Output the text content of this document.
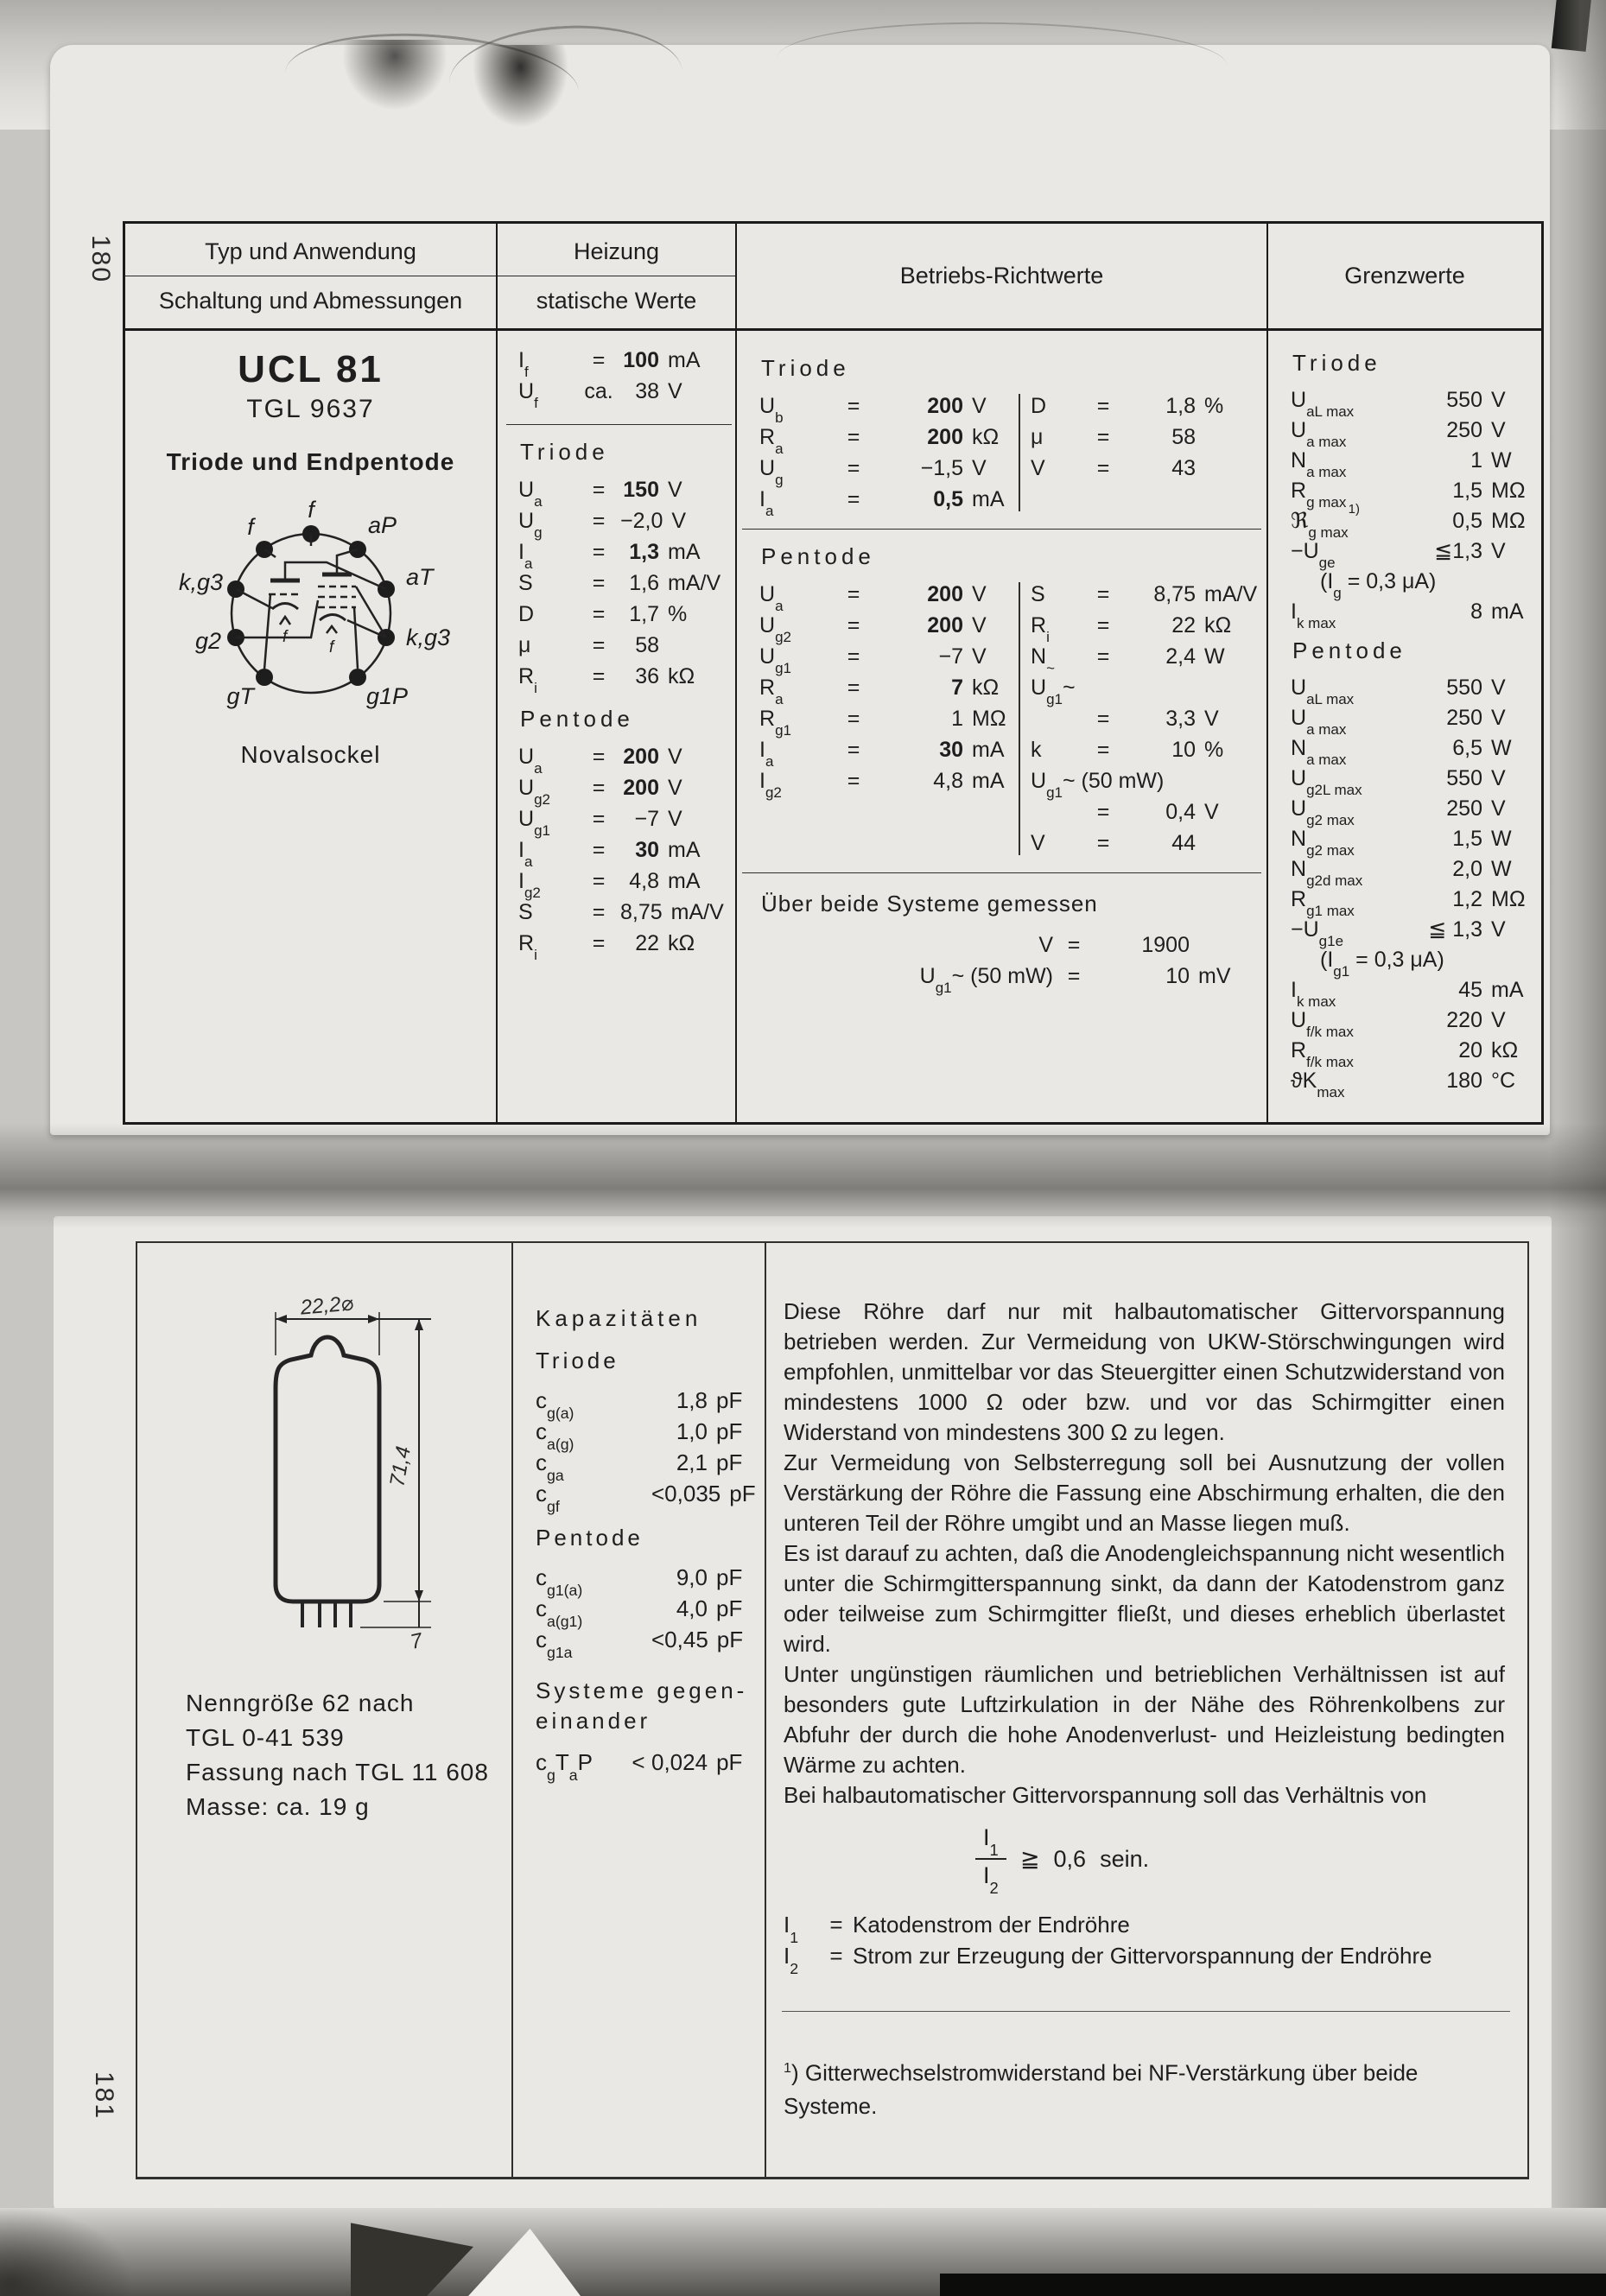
180
181
Typ und Anwendung
Schaltung und Abmessungen
Heizung
statische Werte
Betriebs-Richtwerte	Grenzwerte
UCL 81
TGL 9637
Triode und Endpentode
f
f
f
f	aP
aT
k,g3
g1P
gT
g2
k,g3
Novalsockel
$I_f$	= 100 mA
$U_f$	ca.	38 V
Triode
$U_a$	= 150 V
$U_g$	= −2,0 V
$I_a$	=	1,3 mA
S	=	1,6 mA/V
D	=	1,7 %
μ	=	58
$R_i$	=	36 kΩ
Pentode
$U_a$	= 200 V
$U_{g2}$	= 200 V
$U_{g1}$	=	−7 V
$I_a$	=	30 mA
$I_{g2}$	=	4,8 mA
S	= 8,75 mA/V
$R_i$	=	22 kΩ
Triode
$U_b$	=	200 V
$R_a$	=	200 kΩ
$U_g$	=	−1,5 V
$I_a$	=	0,5 mA
D	=	1,8 %
μ	=	58
V	=	43
Pentode
$U_a$	=	200 V
$U_{g2}$	=	200 V
$U_{g1}$	=	−7 V
$R_a$	=	7 kΩ
$R_{g1}$	=	1 MΩ
$I_a$	=	30 mA
$I_{g2}$	=	4,8 mA
S	=	8,75 mA/V
$R_i$	=	22 kΩ
$N_\sim$	=	2,4 W
$U_{g1}\sim$
=	3,3 V
k	=	10 %
$U_{g1}\sim$ (50 mW)
=	0,4 V
V	=	44
Über beide Systeme gemessen
V =	1900
$U_{g1}\sim$ (50 mW) =	10 mV
Triode
$U_{aL max}$	550 V
$U_{a max}$	250 V
$N_{a max}$	1 W
$R_{g max}$	1,5 MΩ
ℜ$_{g max}^{1)}$	0,5 MΩ
$-U_{ge}$	≦1,3 V
($I_g = 0,3$ μA)
$I_{k max}$	8 mA
Pentode
$U_{aL max}$	550 V
$U_{a max}$	250 V
$N_{a max}$	6,5 W
$U_{g2L max}$	550 V
$U_{g2 max}$	250 V
$N_{g2 max}$	1,5 W
$N_{g2d max}$	2,0 W
$R_{g1 max}$	1,2 MΩ
$-U_{g1e}$	≦ 1,3 V
($I_{g1} = 0,3$ μA)
$I_{k max}$	45 mA
$U_{f/k max}$	220 V
$R_{f/k max}$	20 kΩ
$ϑK_{max}$	180 °C
22,2⌀
71,4
7

Nenngröße 62 nach

TGL 0-41 539

Fassung nach TGL 11 608

Masse: ca. 19 g

Kapazitäten
Triode
$c_{g(a)}$	1,8 pF
$c_{a(g)}$	1,0 pF
$c_{ga}$	2,1 pF
$c_{gf}$	<0,035 pF
Pentode
$c_{g1(a)}$	9,0 pF
$c_{a(g1)}$	4,0 pF
$c_{g1a}$	<0,45 pF
Systeme gegen-
einander
$c_gT_aP$	< 0,024 pF

Diese Röhre darf nur mit halbautomatischer Gittervorspannung betrieben werden. Zur Vermeidung von UKW-Störschwingungen wird empfohlen, unmittelbar vor das Steuergitter einen Schutzwiderstand von mindestens 1000 Ω oder bzw. und vor das Schirmgitter einen Widerstand von mindestens 300 Ω zu legen.

Zur Vermeidung von Selbsterregung soll bei Ausnutzung der vollen Verstärkung der Röhre die Fassung eine Abschirmung erhalten, die den unteren Teil der Röhre umgibt und an Masse liegen muß.

Es ist darauf zu achten, daß die Anodengleichspannung nicht wesentlich unter die Schirmgitterspannung sinkt, da dann der Katodenstrom ganz oder teilweise zum Schirmgitter fließt, und dieses erheblich überlastet wird.

Unter ungünstigen räumlichen und betrieblichen Verhältnissen ist auf besonders gute Luftzirkulation in der Nähe des Röhrenkolbens zur Abfuhr der durch die hohe Anodenverlust- und Heizleistung bedingten Wärme zu achten.

Bei halbautomatischer Gittervorspannung soll das Verhältnis von

$\frac{I_1}{I_2}$ ≧ 0,6 sein.
$I_1$	= Katodenstrom der Endröhre
$I_2$	= Strom zur Erzeugung der Gittervorspannung der Endröhre

$^1$) Gitterwechselstromwiderstand bei NF-Verstärkung über beide Systeme.
